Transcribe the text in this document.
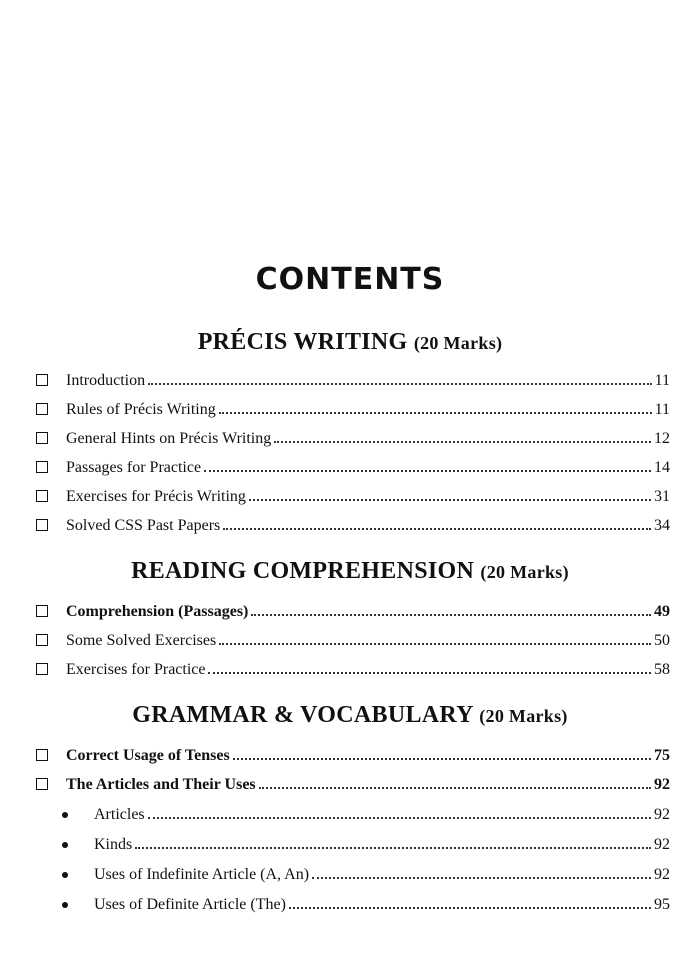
CONTENTS
PRÉCIS WRITING (20 Marks)
Introduction	11
Rules of Précis Writing	11
General Hints on Précis Writing	12
Passages for Practice	14
Exercises for Précis Writing	31
Solved CSS Past Papers	34
READING COMPREHENSION (20 Marks)
Comprehension (Passages)	49
Some Solved Exercises	50
Exercises for Practice	58
GRAMMAR & VOCABULARY (20 Marks)
Correct Usage of Tenses	75
The Articles and Their Uses	92
Articles	92
Kinds	92
Uses of Indefinite Article (A, An)	92
Uses of Definite Article (The)	95
